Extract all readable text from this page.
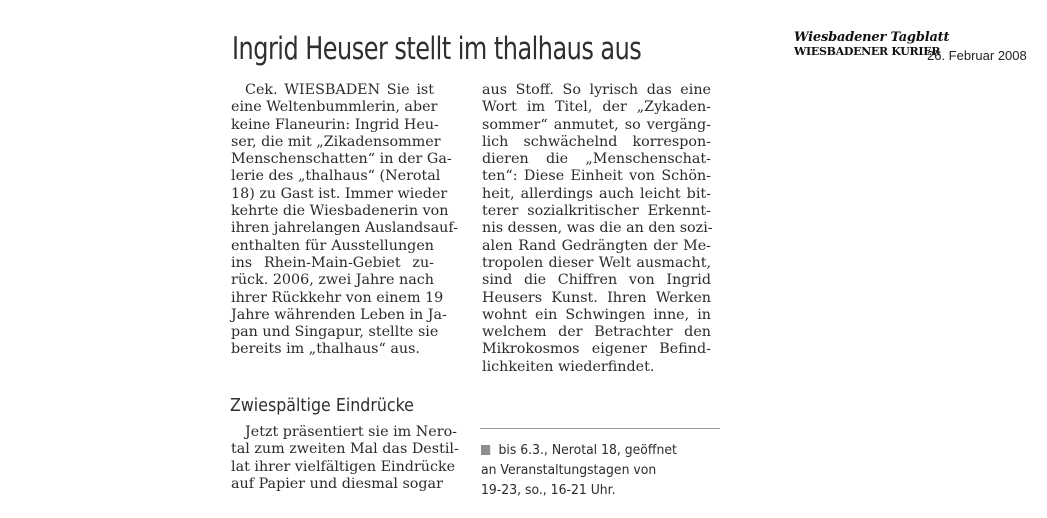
Ingrid Heuser stellt im thalhaus aus	Wiesbadener Tagblatt
WIESBADENER KURIER
26. Februar 2008
Cek. WIESBADEN Sie ist
eine Weltenbummlerin, aber
keine Flaneurin: Ingrid Heu-
ser, die mit „Zikadensommer
Menschenschatten“ in der Ga-
lerie des „thalhaus“ (Nerotal
18) zu Gast ist. Immer wieder
kehrte die Wiesbadenerin von
ihren jahrelangen Auslandsauf-
enthalten für Ausstellungen
ins Rhein-Main-Gebiet zu-
rück. 2006, zwei Jahre nach
ihrer Rückkehr von einem 19
Jahre währenden Leben in Ja-
pan und Singapur, stellte sie
bereits im „thalhaus“ aus.
Zwiespältige Eindrücke
Jetzt präsentiert sie im Nero-
tal zum zweiten Mal das Destil-
lat ihrer vielfältigen Eindrücke
auf Papier und diesmal sogar
aus Stoff. So lyrisch das eine
Wort im Titel, der „Zykaden-
sommer“ anmutet, so vergäng-
lich schwächelnd korrespon-
dieren die „Menschenschat-
ten“: Diese Einheit von Schön-
heit, allerdings auch leicht bit-
terer sozialkritischer Erkennt-
nis dessen, was die an den sozi-
alen Rand Gedrängten der Me-
tropolen dieser Welt ausmacht,
sind die Chiffren von Ingrid
Heusers Kunst. Ihren Werken
wohnt ein Schwingen inne, in
welchem der Betrachter den
Mikrokosmos eigener Befind-
lichkeiten wiederfindet.
bis 6.3., Nerotal 18, geöffnet
an Veranstaltungstagen von
19-23, so., 16-21 Uhr.
